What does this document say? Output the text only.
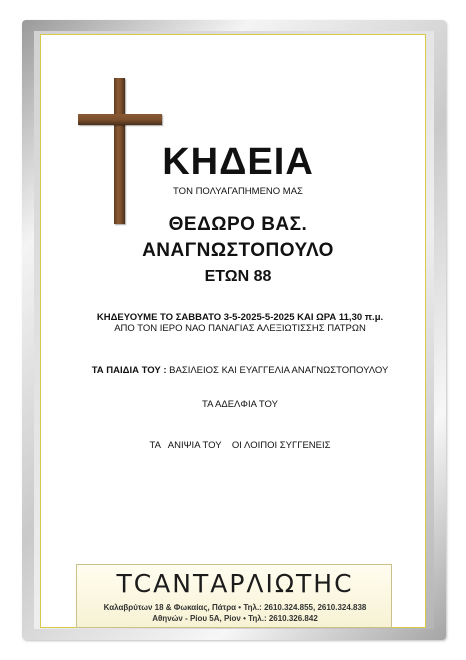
ΚΗΔΕΙΑ
ΤΟΝ ΠΟΛΥΑΓΑΠΗΜΕΝΟ ΜΑΣ
ΘΕΔΩΡΟ ΒΑΣ.
ΑΝΑΓΝΩΣΤΟΠΟΥΛΟ
ΕΤΩΝ 88
ΚΗΔΕΥΟΥΜΕ ΤΟ ΣΑΒΒΑΤΟ 3-5-2025-5-2025 ΚΑΙ ΩΡΑ 11,30 π.μ.
ΑΠΟ ΤΟΝ ΙΕΡΟ ΝΑΟ ΠΑΝΑΓΙΑΣ ΑΛΕΞΙΩΤΙΣΣΗΣ ΠΑΤΡΩΝ
ΤΑ ΠΑΙΔΙΑ ΤΟΥ : ΒΑΣΙΛΕΙΟΣ ΚΑΙ ΕΥΑΓΓΕΛΙΑ ΑΝΑΓΝΩΣΤΟΠΟΥΛΟΥ
ΤΑ ΑΔΕΛΦΙΑ ΤΟΥ
ΤΑ   ΑΝΙΨΙΑ ΤΟΥ    ΟΙ ΛΟΙΠΟΙ ΣΥΓΓΕΝΕΙΣ
ΤCΑΝΤΑΡΛΙΩΤΗC
Καλαβρύτων 18 & Φωκαίας, Πάτρα • Τηλ.: 2610.324.855, 2610.324.838
Αθηνών - Ρίου 5Α, Ρίον • Τηλ.: 2610.326.842
